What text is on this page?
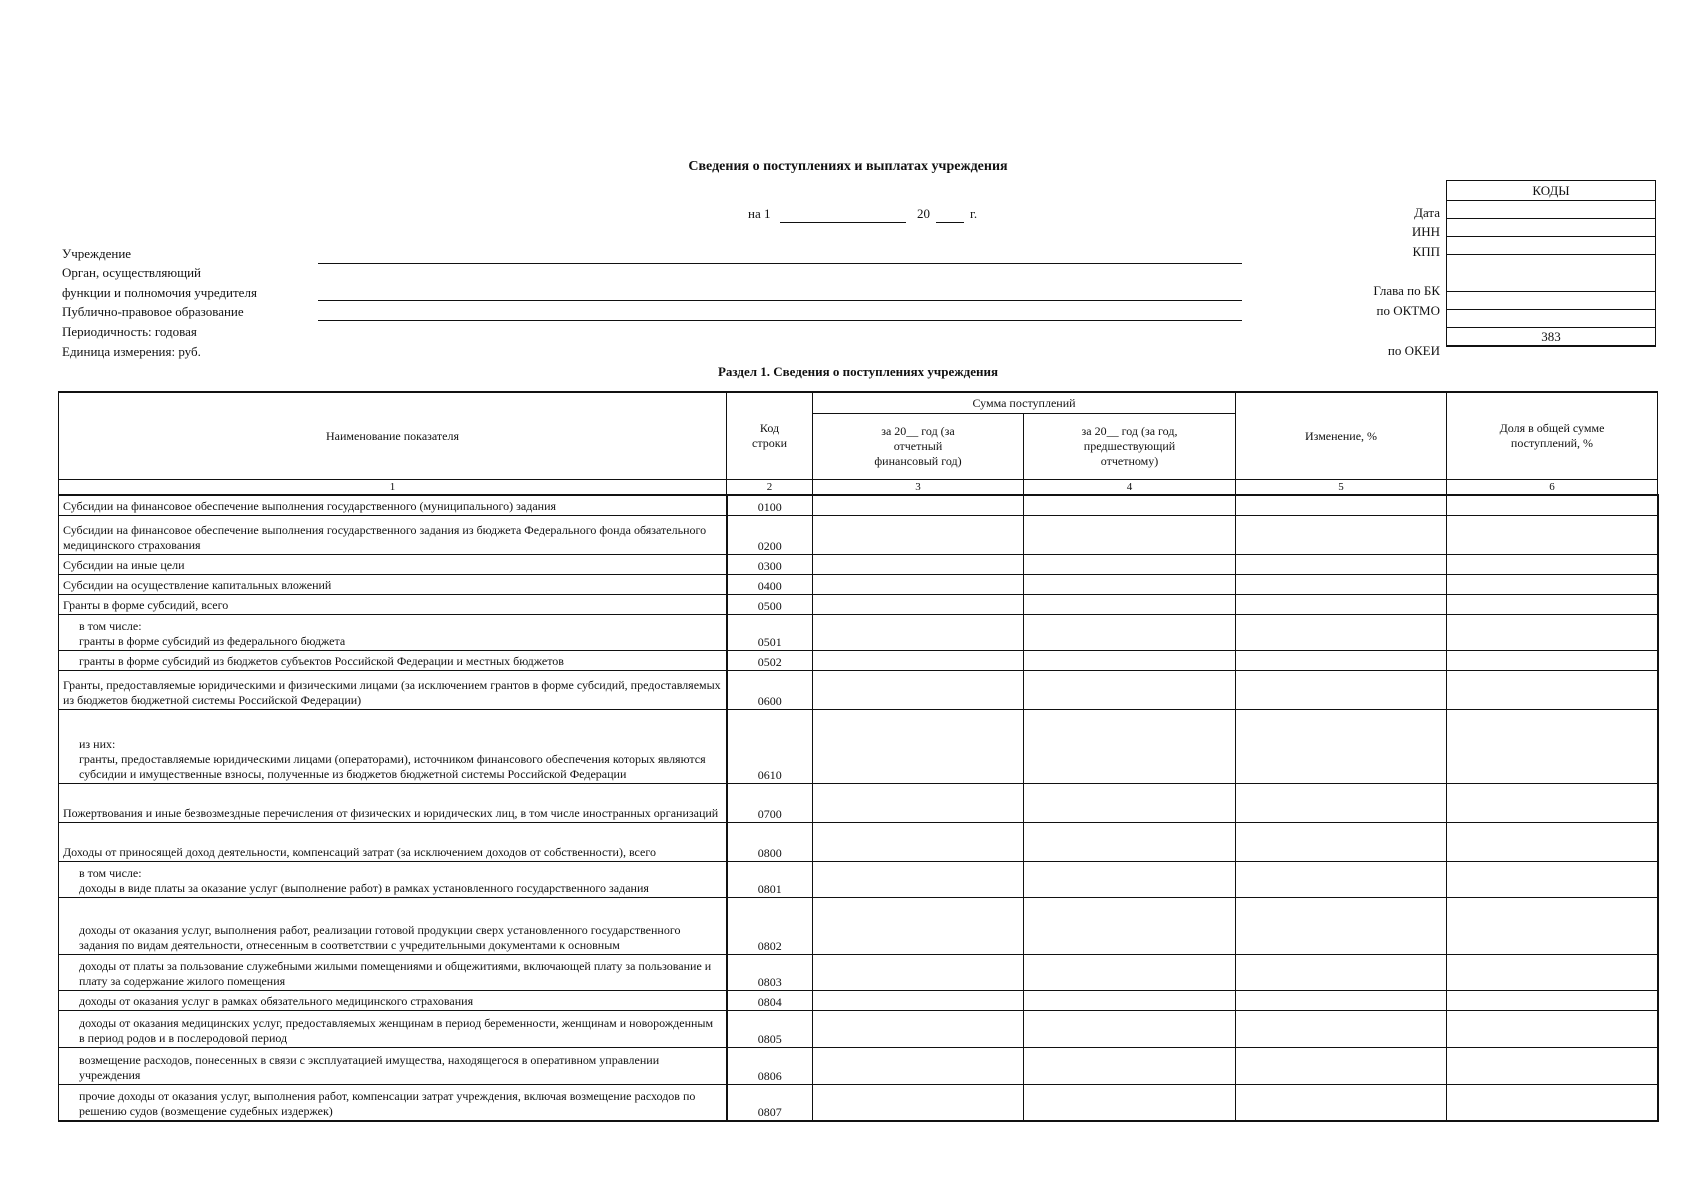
Сведения о поступлениях и выплатах учреждения
на 1	20	г.
Учреждение
Орган, осуществляющий
функции и полномочия учредителя
Публично-правовое образование
Периодичность: годовая
Единица измерения: руб.
Дата
ИНН
КПП
Глава по БК
по ОКТМО
по ОКЕИ
КОДЫ

383
Раздел 1. Сведения о поступлениях учреждения
Наименование показателя	Код строки	Сумма поступлений		Изменение, %	Доля в общей сумме поступлений, %

		за 20__ год (за отчетный финансовый год)	за 20__ год (за год, предшествующий отчетному)		

1	2	3	4	5	6
Субсидии на финансовое обеспечение выполнения государственного (муниципального) задания	0100				
Субсидии на финансовое обеспечение выполнения государственного задания из бюджета Федерального фонда обязательного медицинского страхования	0200				
Субсидии на иные цели	0300				
Субсидии на осуществление капитальных вложений	0400				
Гранты в форме субсидий, всего	0500				
в том числе:
гранты в форме субсидий из федерального бюджета	0501				
гранты в форме субсидий из бюджетов субъектов Российской Федерации и местных бюджетов	0502				
Гранты, предоставляемые юридическими и физическими лицами (за исключением грантов в форме субсидий, предоставляемых из бюджетов бюджетной системы Российской Федерации)	0600				
из них:
гранты, предоставляемые юридическими лицами (операторами), источником финансового обеспечения которых являются субсидии и имущественные взносы, полученные из бюджетов бюджетной системы Российской Федерации	0610				
Пожертвования и иные безвозмездные перечисления от физических и юридических лиц, в том числе иностранных организаций	0700				
Доходы от приносящей доход деятельности, компенсаций затрат (за исключением доходов от собственности), всего	0800				
в том числе:
доходы в виде платы за оказание услуг (выполнение работ) в рамках установленного государственного задания	0801				
доходы от оказания услуг, выполнения работ, реализации готовой продукции сверх установленного государственного задания по видам деятельности, отнесенным в соответствии с учредительными документами к основным	0802				
доходы от платы за пользование служебными жилыми помещениями и общежитиями, включающей плату за пользование и плату за содержание жилого помещения	0803				
доходы от оказания услуг в рамках обязательного медицинского страхования	0804				
доходы от оказания медицинских услуг, предоставляемых женщинам в период беременности, женщинам и новорожденным в период родов и в послеродовой период	0805				
возмещение расходов, понесенных в связи с эксплуатацией имущества, находящегося в оперативном управлении учреждения	0806				
прочие доходы от оказания услуг, выполнения работ, компенсации затрат учреждения, включая возмещение расходов по решению судов (возмещение судебных издержек)	0807				
